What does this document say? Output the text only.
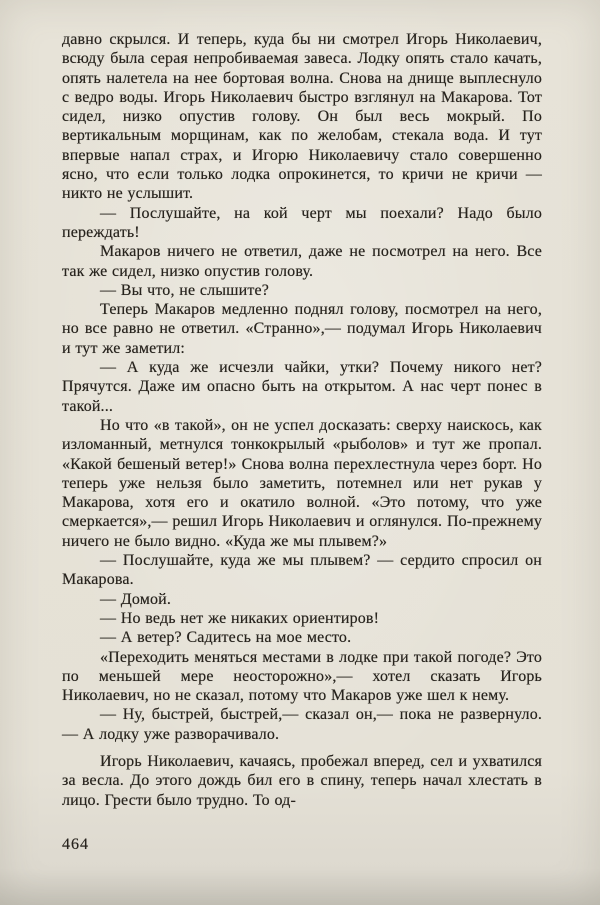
давно скрылся. И теперь, куда бы ни смотрел Игорь Николаевич, всюду была серая непробиваемая завеса. Лодку опять стало качать, опять налетела на нее бортовая волна. Снова на днище выплеснуло с ведро воды. Игорь Николаевич быстро взглянул на Макарова. Тот сидел, низко опустив голову. Он был весь мокрый. По вертикальным морщинам, как по желобам, стекала вода. И тут впервые напал страх, и Игорю Николаевичу стало совершенно ясно, что если только лодка опрокинется, то кричи не кричи — никто не услышит.

— Послушайте, на кой черт мы поехали? Надо было переждать!

Макаров ничего не ответил, даже не посмотрел на него. Все так же сидел, низко опустив голову.

— Вы что, не слышите?

Теперь Макаров медленно поднял голову, посмотрел на него, но все равно не ответил. «Странно»,— подумал Игорь Николаевич и тут же заметил:

— А куда же исчезли чайки, утки? Почему никого нет? Прячутся. Даже им опасно быть на открытом. А нас черт понес в такой...

Но что «в такой», он не успел досказать: сверху наискось, как изломанный, метнулся тонкокрылый «рыболов» и тут же пропал. «Какой бешеный ветер!» Снова волна перехлестнула через борт. Но теперь уже нельзя было заметить, потемнел или нет рукав у Макарова, хотя его и окатило волной. «Это потому, что уже смеркается»,— решил Игорь Николаевич и оглянулся. По-прежнему ничего не было видно. «Куда же мы плывем?»

— Послушайте, куда же мы плывем? — сердито спросил он Макарова.

— Домой.

— Но ведь нет же никаких ориентиров!

— А ветер? Садитесь на мое место.

«Переходить меняться местами в лодке при такой погоде? Это по меньшей мере неосторожно»,— хотел сказать Игорь Николаевич, но не сказал, потому что Макаров уже шел к нему.

— Ну, быстрей, быстрей,— сказал он,— пока не развернуло.— А лодку уже разворачивало.

Игорь Николаевич, качаясь, пробежал вперед, сел и ухватился за весла. До этого дождь бил его в спину, теперь начал хлестать в лицо. Грести было трудно. То од-

464
